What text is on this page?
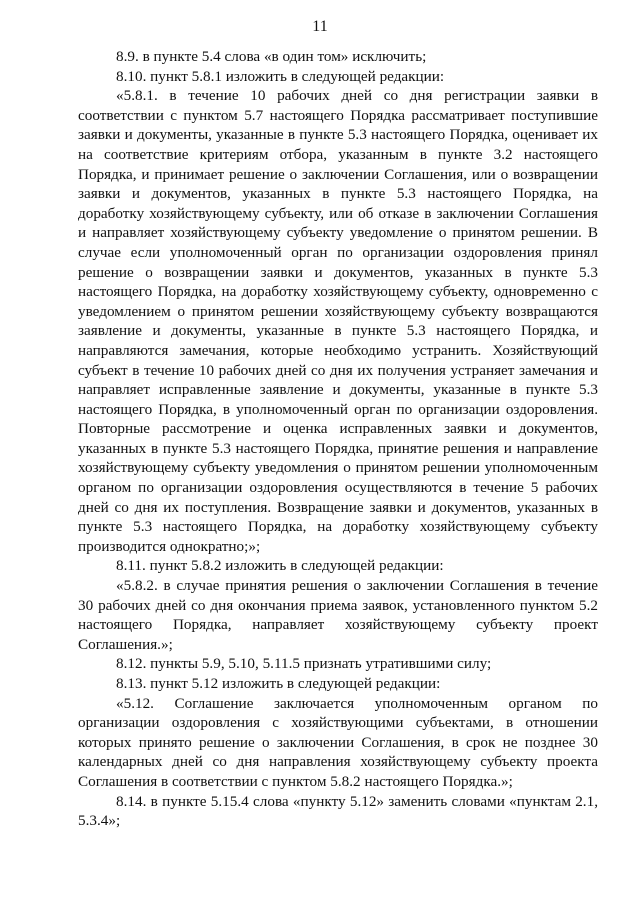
11

8.9. в пункте 5.4 слова «в один том» исключить;

8.10. пункт 5.8.1 изложить в следующей редакции:

«5.8.1. в течение 10 рабочих дней со дня регистрации заявки в соответствии с пунктом 5.7 настоящего Порядка рассматривает поступившие заявки и документы, указанные в пункте 5.3 настоящего Порядка, оценивает их на соответствие критериям отбора, указанным в пункте 3.2 настоящего Порядка, и принимает решение о заключении Соглашения, или о возвращении заявки и документов, указанных в пункте 5.3 настоящего Порядка, на доработку хозяйствующему субъекту, или об отказе в заключении Соглашения и направляет хозяйствующему субъекту уведомление о принятом решении. В случае если уполномоченный орган по организации оздоровления принял решение о возвращении заявки и документов, указанных в пункте 5.3 настоящего Порядка, на доработку хозяйствующему субъекту, одновременно с уведомлением о принятом решении хозяйствующему субъекту возвращаются заявление и документы, указанные в пункте 5.3 настоящего Порядка, и направляются замечания, которые необходимо устранить. Хозяйствующий субъект в течение 10 рабочих дней со дня их получения устраняет замечания и направляет исправленные заявление и документы, указанные в пункте 5.3 настоящего Порядка, в уполномоченный орган по организации оздоровления. Повторные рассмотрение и оценка исправленных заявки и документов, указанных в пункте 5.3 настоящего Порядка, принятие решения и направление хозяйствующему субъекту уведомления о принятом решении уполномоченным органом по организации оздоровления осуществляются в течение 5 рабочих дней со дня их поступления. Возвращение заявки и документов, указанных в пункте 5.3 настоящего Порядка, на доработку хозяйствующему субъекту производится однократно;»;

8.11. пункт 5.8.2 изложить в следующей редакции:

«5.8.2. в случае принятия решения о заключении Соглашения в течение 30 рабочих дней со дня окончания приема заявок, установленного пунктом 5.2 настоящего Порядка, направляет хозяйствующему субъекту проект Соглашения.»;

8.12. пункты 5.9, 5.10, 5.11.5 признать утратившими силу;

8.13. пункт 5.12 изложить в следующей редакции:

«5.12. Соглашение заключается уполномоченным органом по организации оздоровления с хозяйствующими субъектами, в отношении которых принято решение о заключении Соглашения, в срок не позднее 30 календарных дней со дня направления хозяйствующему субъекту проекта Соглашения в соответствии с пунктом 5.8.2 настоящего Порядка.»;

8.14. в пункте 5.15.4 слова «пункту 5.12» заменить словами «пунктам 2.1, 5.3.4»;
